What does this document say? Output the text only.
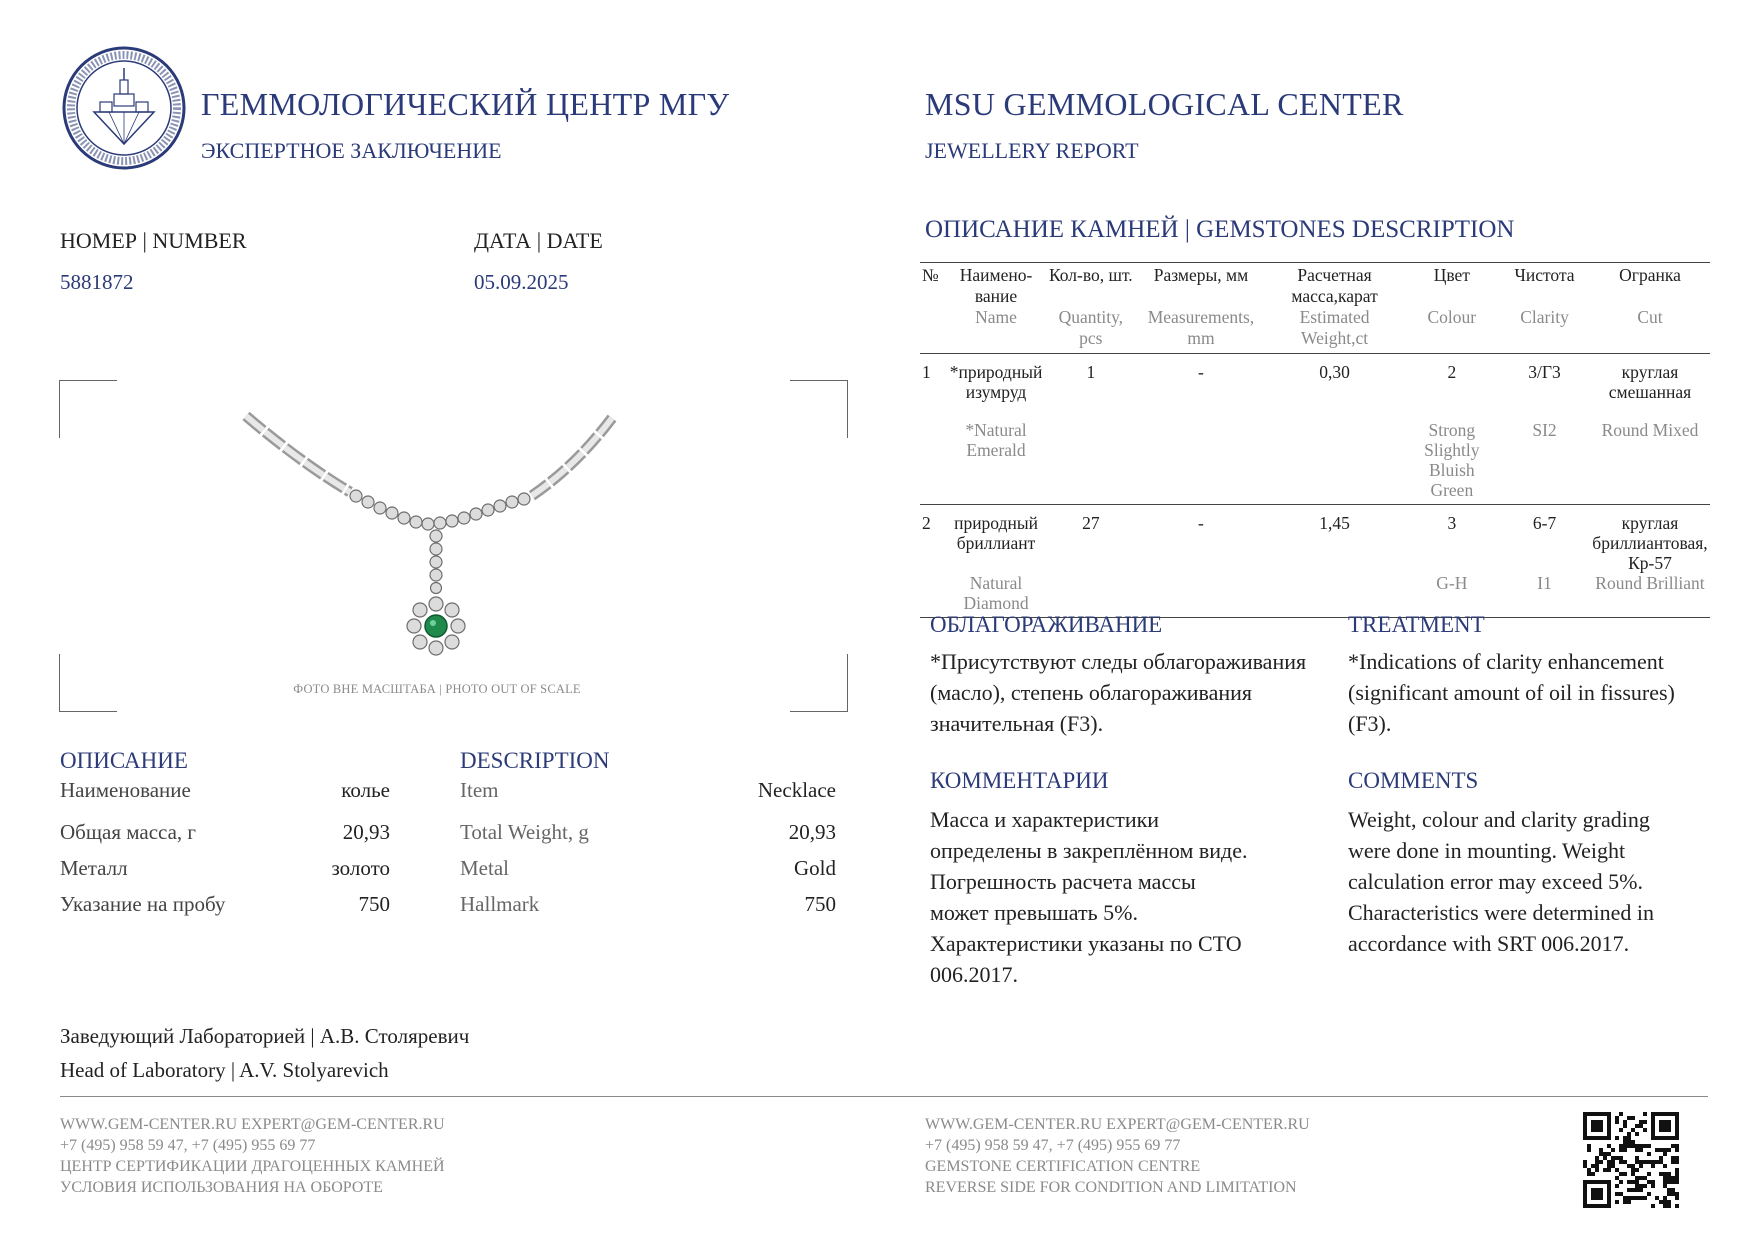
ГЕММОЛОГИЧЕСКИЙ ЦЕНТР МГУ
ЭКСПЕРТНОЕ ЗАКЛЮЧЕНИЕ
MSU GEMMOLOGICAL CENTER
JEWELLERY REPORT
НОМЕР | NUMBER
5881872
ДАТА | DATE
05.09.2025
ФОТО ВНЕ МАСШТАБА | PHOTO OUT OF SCALE
ОПИСАНИЕ	DESCRIPTION
Наименование	колье	Item	Necklace
Общая масса, г	20,93	Total Weight, g	20,93
Металл	золото	Metal	Gold
Указание на пробу	750	Hallmark	750
Заведующий Лабораторией | А.В. Столяревич
Head of Laboratory | A.V. Stolyarevich
ОПИСАНИЕ КАМНЕЙ | GEMSTONES DESCRIPTION
№	Наимено-вание	Кол-во, шт.	Размеры, мм	Расчетная масса,карат	Цвет	Чистота	Огранка
	Name	Quantity, pcs	Measurements, mm	Estimated Weight,ct	Colour	Clarity	Cut
1	*природный изумруд	1	-	0,30	2	3/Г3	круглая смешанная
	*Natural Emerald				Strong Slightly Bluish Green	SI2	Round Mixed
2	природный бриллиант	27	-	1,45	3	6-7	круглая бриллиантовая, Кр-57
	Natural Diamond				G-H	I1	Round Brilliant
ОБЛАГОРАЖИВАНИЕ
*Присутствуют следы облагораживания (масло), степень облагораживания значительная (F3).
TREATMENT
*Indications of clarity enhancement (significant amount of oil in fissures) (F3).
КОММЕНТАРИИ
Масса и характеристики
определены в закреплённом виде.
Погрешность расчета массы
может превышать 5%.
Характеристики указаны по СТО
006.2017.
COMMENTS
Weight, colour and clarity grading
were done in mounting. Weight
calculation error may exceed 5%.
Characteristics were determined in
accordance with SRT 006.2017.
WWW.GEM-CENTER.RU EXPERT@GEM-CENTER.RU
+7 (495) 958 59 47, +7 (495) 955 69 77
ЦЕНТР СЕРТИФИКАЦИИ ДРАГОЦЕННЫХ КАМНЕЙ
УСЛОВИЯ ИСПОЛЬЗОВАНИЯ НА ОБОРОТЕ
WWW.GEM-CENTER.RU EXPERT@GEM-CENTER.RU
+7 (495) 958 59 47, +7 (495) 955 69 77
GEMSTONE CERTIFICATION CENTRE
REVERSE SIDE FOR CONDITION AND LIMITATION
